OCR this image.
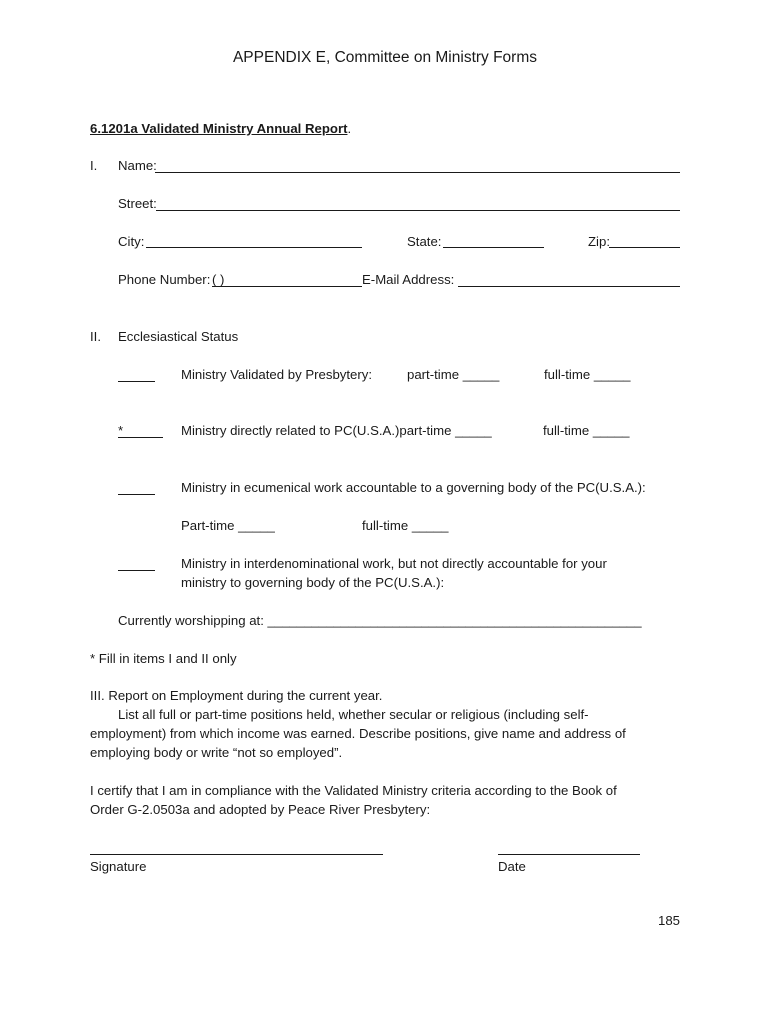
APPENDIX E, Committee on Ministry Forms
6.1201a Validated Ministry Annual Report.
I. Name:
Street:
City:	State:	Zip:
Phone Number: ( )	E-Mail Address:
II. Ecclesiastical Status
Ministry Validated by Presbytery:	part-time _____	full-time _____
*	Ministry directly related to PC(U.S.A.)part-time _____	full-time _____
Ministry in ecumenical work accountable to a governing body of the PC(U.S.A.):
Part-time _____	full-time _____
Ministry in interdenominational work, but not directly accountable for your
ministry to governing body of the PC(U.S.A.):
Currently worshipping at: ___________________________________________________
* Fill in items I and II only
III. Report on Employment during the current year.
List all full or part-time positions held, whether secular or religious (including self-
employment) from which income was earned. Describe positions, give name and address of
employing body or write “not so employed”.
I certify that I am in compliance with the Validated Ministry criteria according to the Book of
Order G-2.0503a and adopted by Peace River Presbytery:
Signature	Date
185
